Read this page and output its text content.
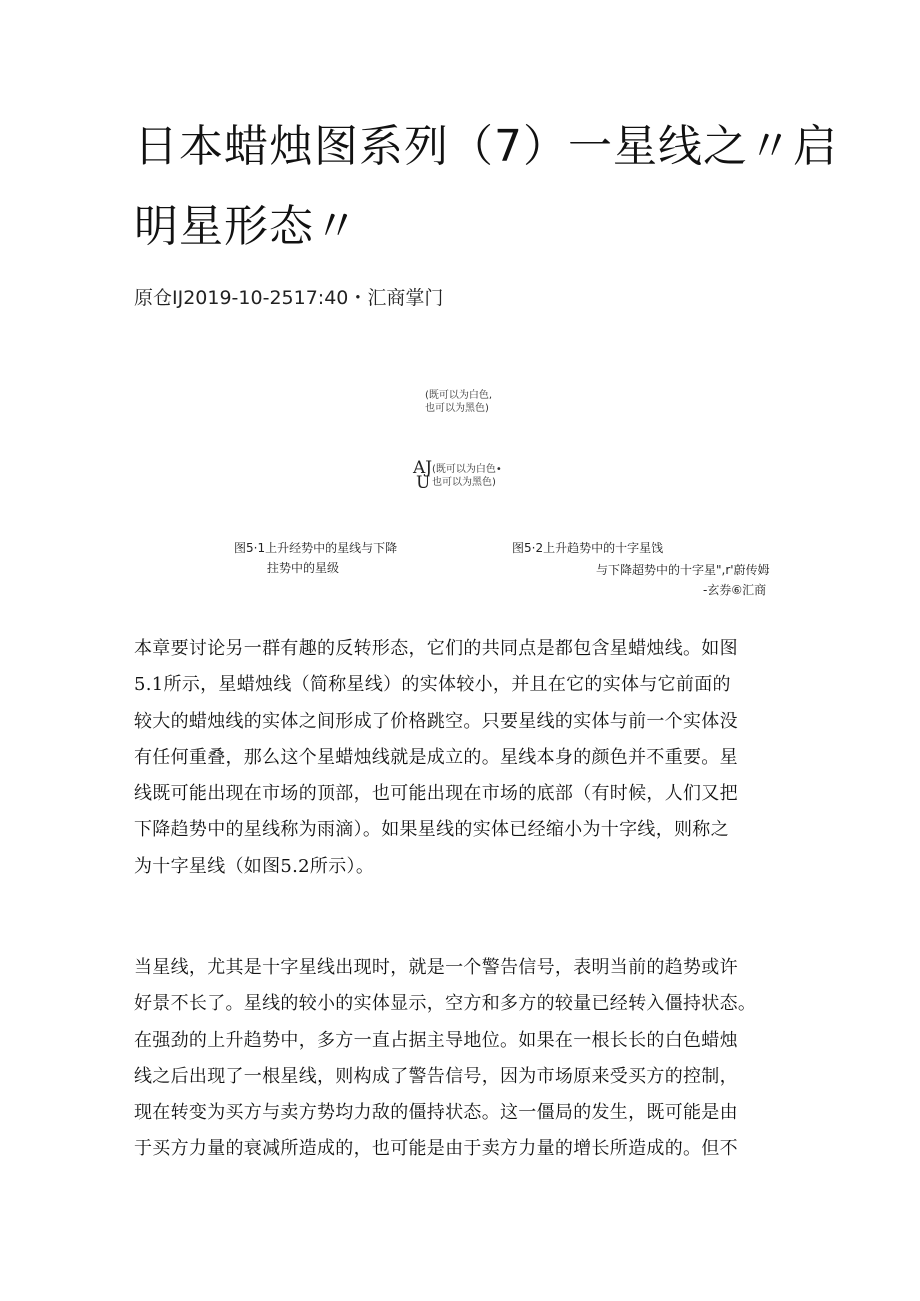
日本蜡烛图系列（7）一星线之〃启
明星形态〃
原仓IJ2019-10-2517:40・汇商掌门
(既可以为白色,
也可以为黑色)
AJ
U
(既可以为白色•
也可以为黑色)
图5·1上升经势中的星线与下降
拄势中的星级
图5·2上升趋势中的十字星饯
与下降超势中的十字星",r'蔚传姆
-玄券⑥汇商
本章要讨论另一群有趣的反转形态，它们的共同点是都包含星蜡烛线。如图
5.1所示，星蜡烛线（简称星线）的实体较小，并且在它的实体与它前面的
较大的蜡烛线的实体之间形成了价格跳空。只要星线的实体与前一个实体没
有任何重叠，那么这个星蜡烛线就是成立的。星线本身的颜色并不重要。星
线既可能出现在市场的顶部，也可能出现在市场的底部（有时候，人们又把
下降趋势中的星线称为雨滴）。如果星线的实体已经缩小为十字线，则称之
为十字星线（如图5.2所示）。
当星线，尤其是十字星线出现时，就是一个警告信号，表明当前的趋势或许
好景不长了。星线的较小的实体显示，空方和多方的较量已经转入僵持状态。
在强劲的上升趋势中，多方一直占据主导地位。如果在一根长长的白色蜡烛
线之后出现了一根星线，则构成了警告信号，因为市场原来受买方的控制，
现在转变为买方与卖方势均力敌的僵持状态。这一僵局的发生，既可能是由
于买方力量的衰减所造成的，也可能是由于卖方力量的增长所造成的。但不
